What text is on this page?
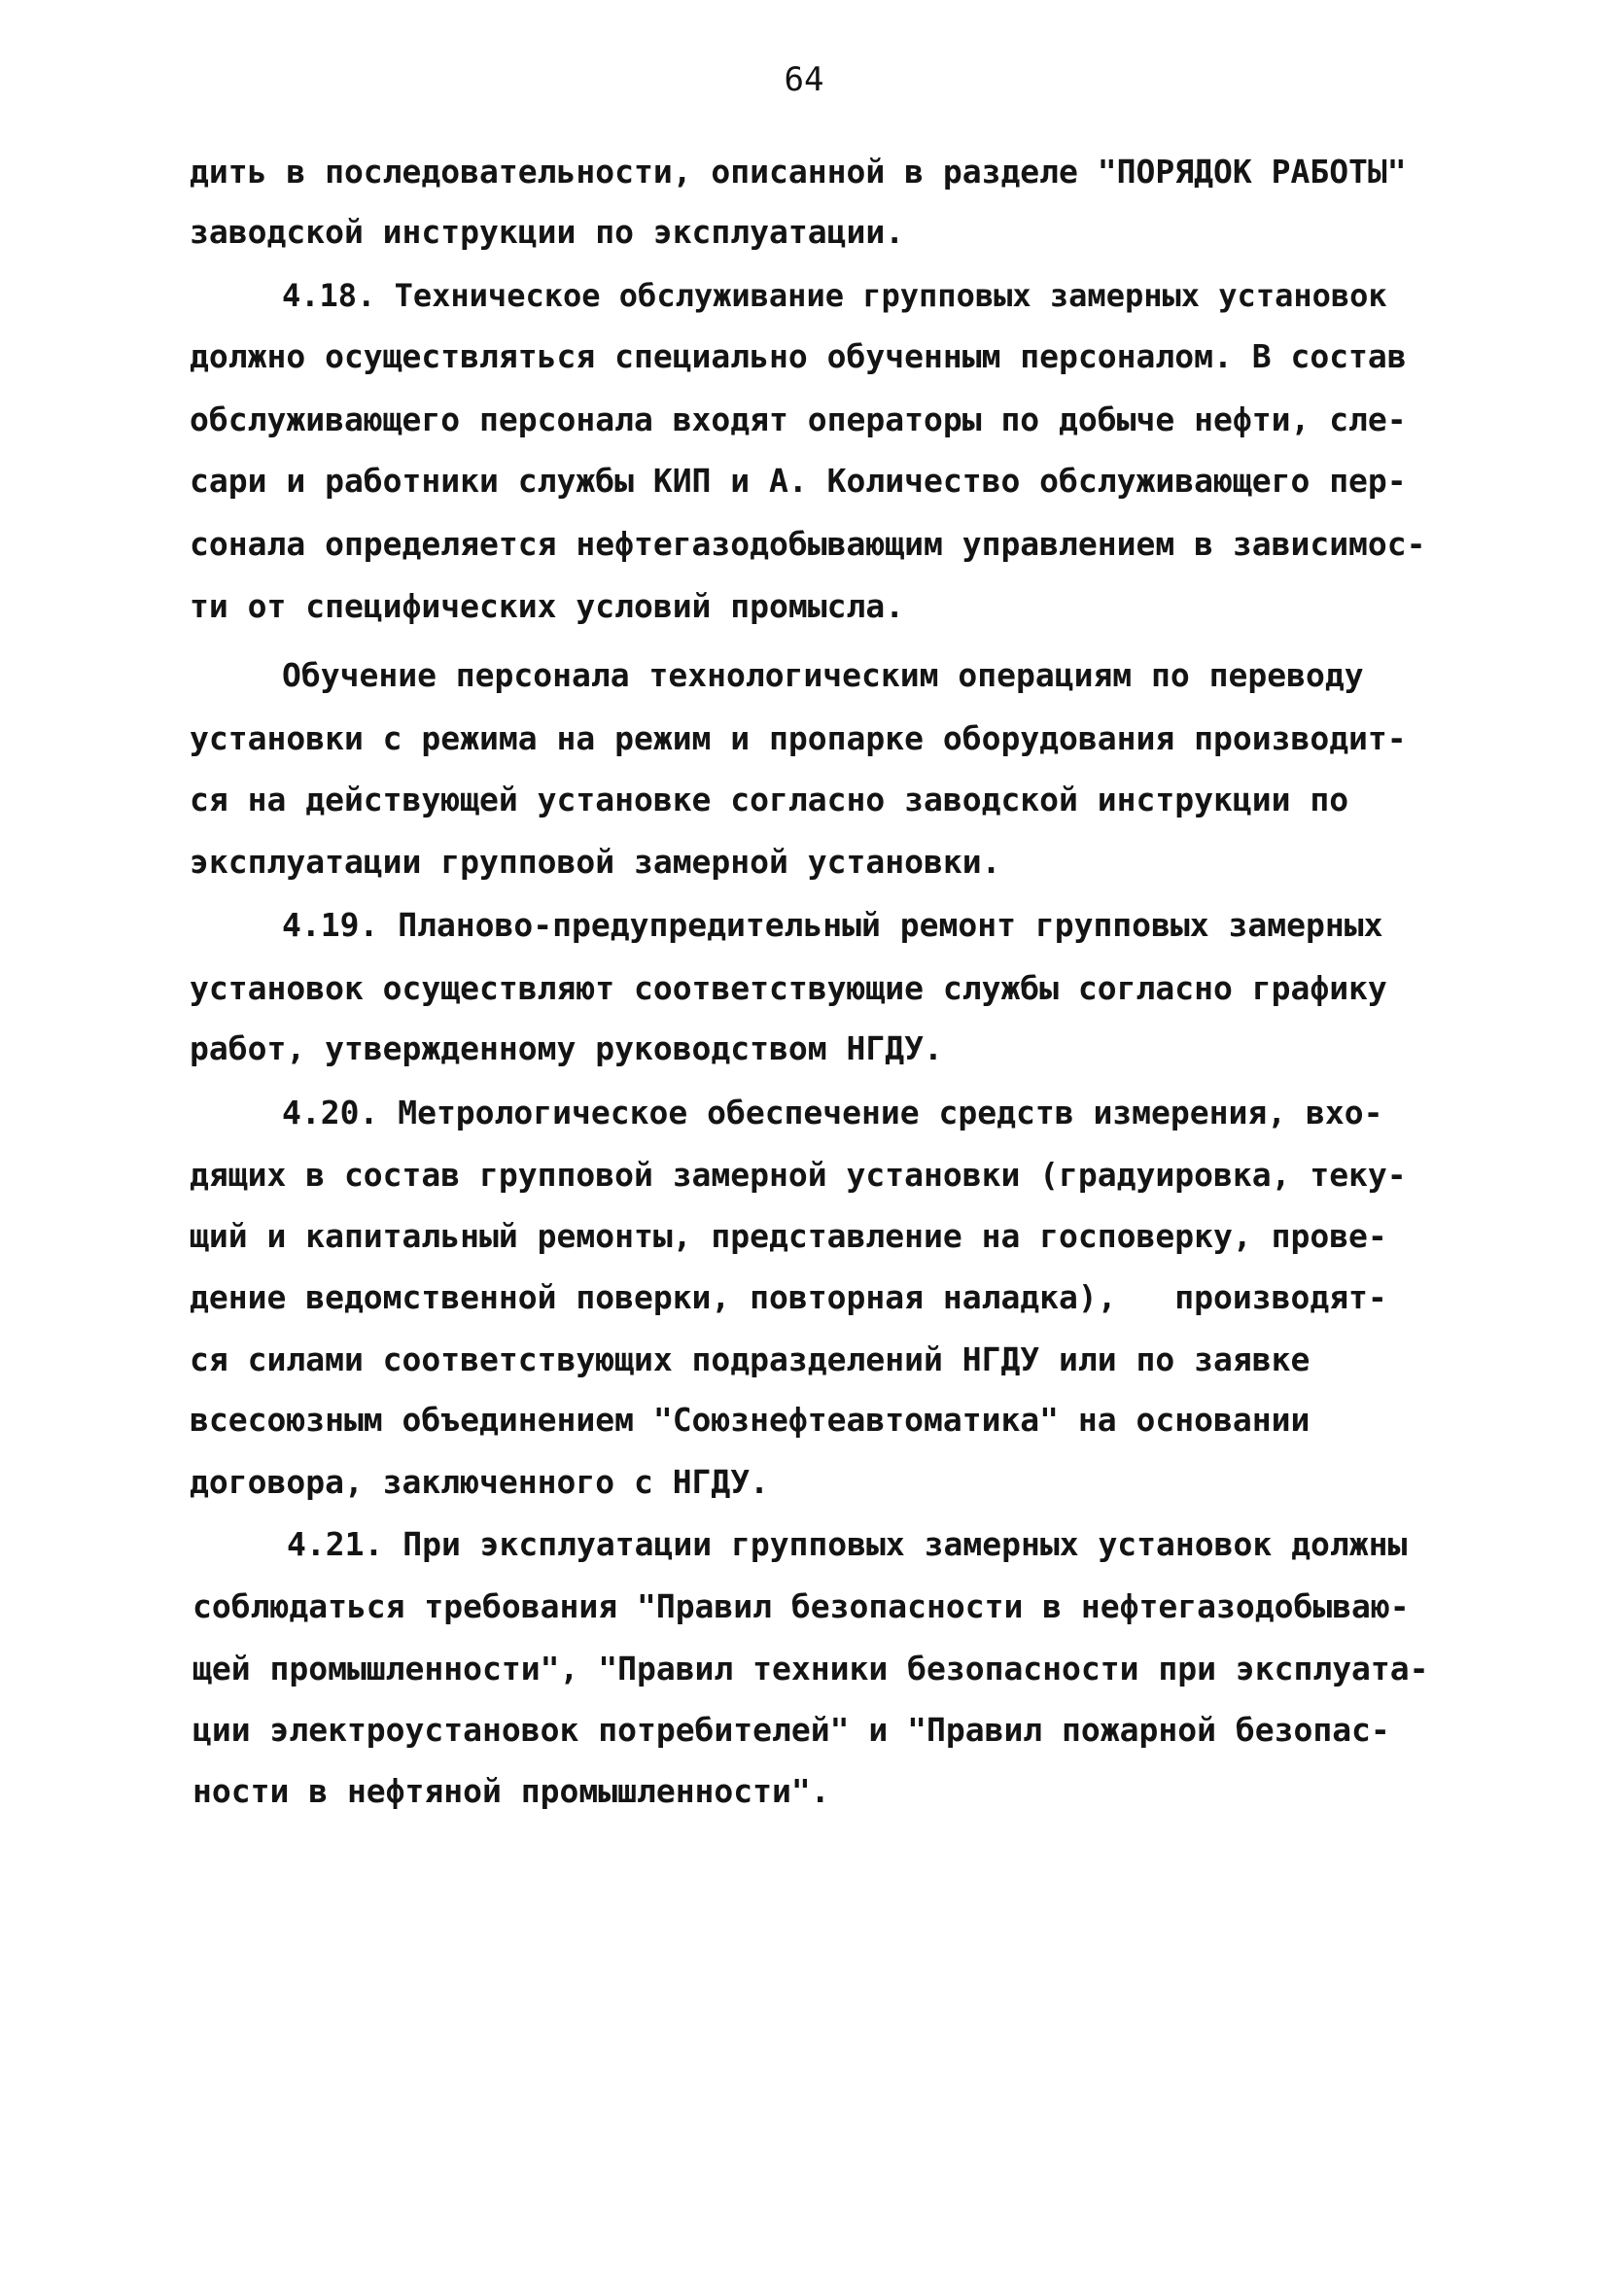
64
дить в последовательности, описанной в разделе "ПОРЯДОК РАБОТЫ"
заводской инструкции по эксплуатации.
4.18. Техническое обслуживание групповых замерных установок
должно осуществляться специально обученным персоналом. В состав
обслуживающего персонала входят операторы по добыче нефти, сле-
сари и работники службы КИП и А. Количество обслуживающего пер-
сонала определяется нефтегазодобывающим управлением в зависимос-
ти от специфических условий промысла.
Обучение персонала технологическим операциям по переводу
установки с режима на режим и пропарке оборудования производит-
ся на действующей установке согласно заводской инструкции по
эксплуатации групповой замерной установки.
4.19. Планово-предупредительный ремонт групповых замерных
установок осуществляют соответствующие службы согласно графику
работ, утвержденному руководством НГДУ.
4.20. Метрологическое обеспечение средств измерения, вхо-
дящих в состав групповой замерной установки (градуировка, теку-
щий и капитальный ремонты, представление на госповерку, прове-
дение ведомственной поверки, повторная наладка),   производят-
ся силами соответствующих подразделений НГДУ или по заявке
всесоюзным объединением "Союзнефтеавтоматика" на основании
договора, заключенного с НГДУ.
4.21. При эксплуатации групповых замерных установок должны
соблюдаться требования "Правил безопасности в нефтегазодобываю-
щей промышленности", "Правил техники безопасности при эксплуата-
ции электроустановок потребителей" и "Правил пожарной безопас-
ности в нефтяной промышленности".
